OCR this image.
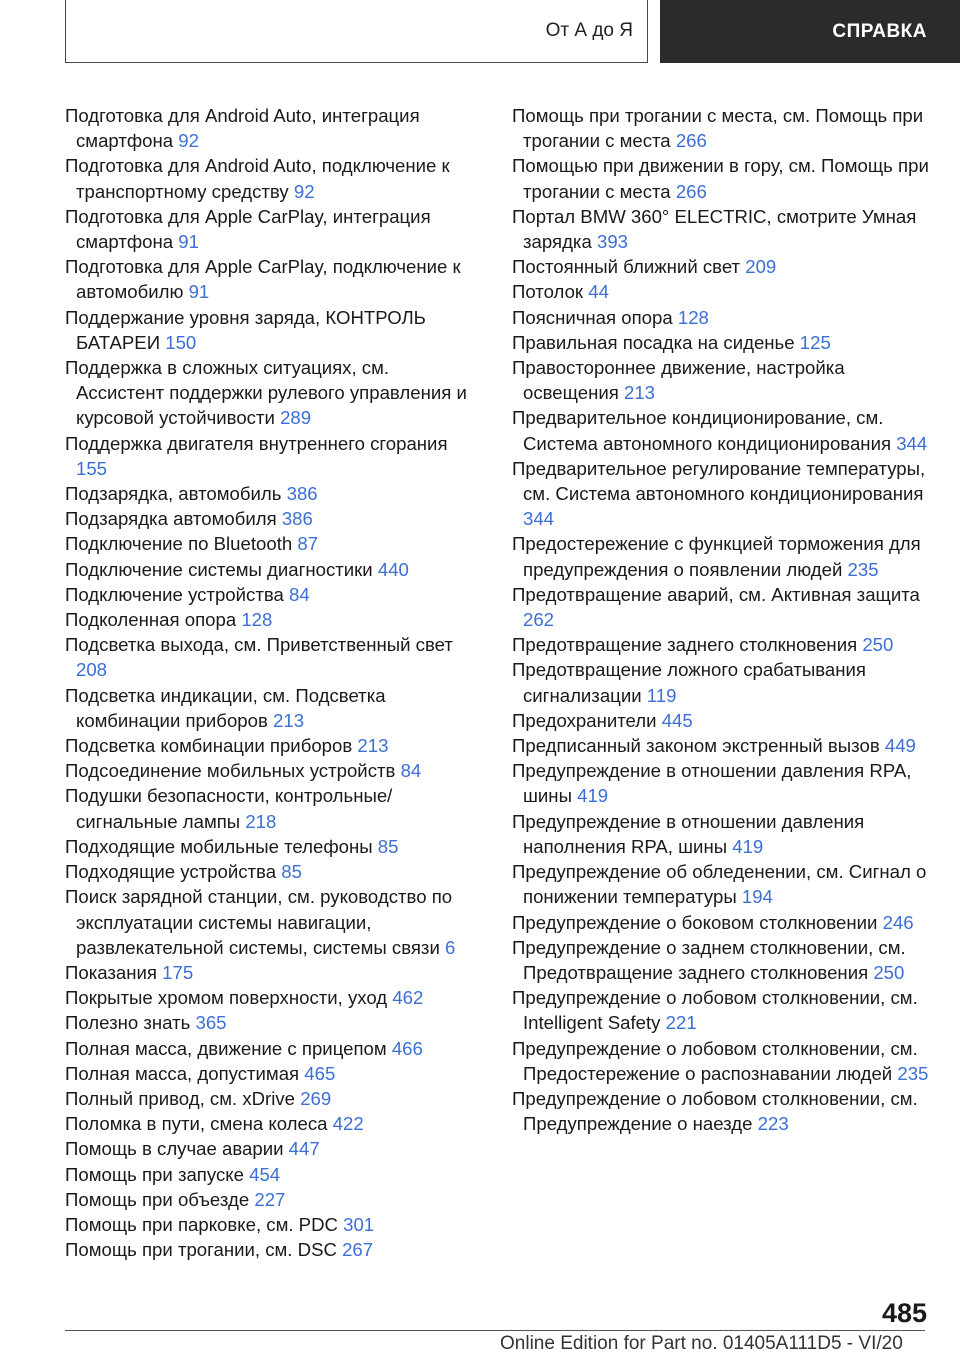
От А до Я	СПРАВКА
Подготовка для Android Auto, интеграция смартфона 92
Подготовка для Android Auto, подключение к транспортному средству 92
Подготовка для Apple CarPlay, интеграция смартфона 91
Подготовка для Apple CarPlay, подключение к автомобилю 91
Поддержание уровня заряда, КОНТРОЛЬ БАТАРЕИ 150
Поддержка в сложных ситуациях, см. Ассистент поддержки рулевого управления и курсовой устойчивости 289
Поддержка двигателя внутреннего сгорания 155
Подзарядка, автомобиль 386
Подзарядка автомобиля 386
Подключение по Bluetooth 87
Подключение системы диагностики 440
Подключение устройства 84
Подколенная опора 128
Подсветка выхода, см. Приветственный свет 208
Подсветка индикации, см. Подсветка комбинации приборов 213
Подсветка комбинации приборов 213
Подсоединение мобильных устройств 84
Подушки безопасности, контрольные/сигнальные лампы 218
Подходящие мобильные телефоны 85
Подходящие устройства 85
Поиск зарядной станции, см. руководство по эксплуатации системы навигации, развлекательной системы, системы связи 6
Показания 175
Покрытые хромом поверхности, уход 462
Полезно знать 365
Полная масса, движение с прицепом 466
Полная масса, допустимая 465
Полный привод, см. xDrive 269
Поломка в пути, смена колеса 422
Помощь в случае аварии 447
Помощь при запуске 454
Помощь при объезде 227
Помощь при парковке, см. PDC 301
Помощь при трогании, см. DSC 267
Помощь при трогании с места, см. Помощь при трогании с места 266
Помощью при движении в гору, см. Помощь при трогании с места 266
Портал BMW 360° ELECTRIC, смотрите Умная зарядка 393
Постоянный ближний свет 209
Потолок 44
Поясничная опора 128
Правильная посадка на сиденье 125
Правостороннее движение, настройка освещения 213
Предварительное кондиционирование, см. Система автономного кондиционирования 344
Предварительное регулирование температуры, см. Система автономного кондиционирования 344
Предостережение с функцией торможения для предупреждения о появлении людей 235
Предотвращение аварий, см. Активная защита 262
Предотвращение заднего столкновения 250
Предотвращение ложного срабатывания сигнализации 119
Предохранители 445
Предписанный законом экстренный вызов 449
Предупреждение в отношении давления RPA, шины 419
Предупреждение в отношении давления наполнения RPA, шины 419
Предупреждение об обледенении, см. Сигнал о понижении температуры 194
Предупреждение о боковом столкновении 246
Предупреждение о заднем столкновении, см. Предотвращение заднего столкновения 250
Предупреждение о лобовом столкновении, см. Intelligent Safety 221
Предупреждение о лобовом столкновении, см. Предостережение о распознавании людей 235
Предупреждение о лобовом столкновении, см. Предупреждение о наезде 223
485
Online Edition for Part no. 01405A111D5 - VI/20
